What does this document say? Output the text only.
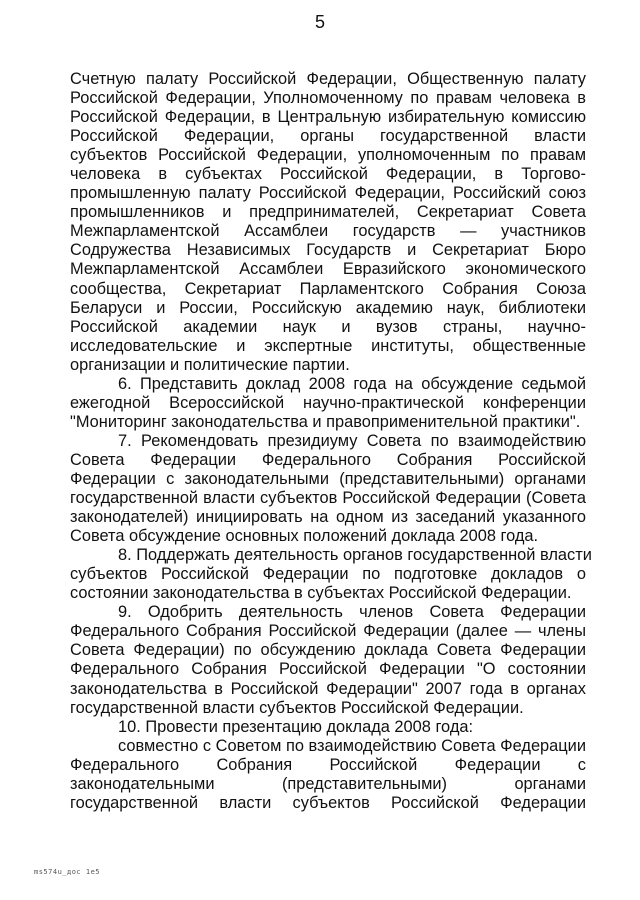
5
Счетную палату Российской Федерации, Общественную палату
Российской Федерации, Уполномоченному по правам человека в
Российской Федерации, в Центральную избирательную комиссию
Российской Федерации, органы государственной власти
субъектов Российской Федерации, уполномоченным по правам
человека в субъектах Российской Федерации, в Торгово-
промышленную палату Российской Федерации, Российский союз
промышленников и предпринимателей, Секретариат Совета
Межпарламентской Ассамблеи государств — участников
Содружества Независимых Государств и Секретариат Бюро
Межпарламентской Ассамблеи Евразийского экономического
сообщества, Секретариат Парламентского Собрания Союза
Беларуси и России, Российскую академию наук, библиотеки
Российской академии наук и вузов страны, научно-
исследовательские и экспертные институты, общественные
организации и политические партии.
6. Представить доклад 2008 года на обсуждение седьмой
ежегодной Всероссийской научно-практической конференции
"Мониторинг законодательства и правоприменительной практики".
7. Рекомендовать президиуму Совета по взаимодействию
Совета Федерации Федерального Собрания Российской
Федерации с законодательными (представительными) органами
государственной власти субъектов Российской Федерации (Совета
законодателей) инициировать на одном из заседаний указанного
Совета обсуждение основных положений доклада 2008 года.
8. Поддержать деятельность органов государственной власти
субъектов Российской Федерации по подготовке докладов о
состоянии законодательства в субъектах Российской Федерации.
9. Одобрить деятельность членов Совета Федерации
Федерального Собрания Российской Федерации (далее — члены
Совета Федерации) по обсуждению доклада Совета Федерации
Федерального Собрания Российской Федерации "О состоянии
законодательства в Российской Федерации" 2007 года в органах
государственной власти субъектов Российской Федерации.
10. Провести презентацию доклада 2008 года:
совместно с Советом по взаимодействию Совета Федерации
Федерального Собрания Российской Федерации с
законодательными (представительными) органами
государственной власти субъектов Российской Федерации
ms574u_дос 1e5
